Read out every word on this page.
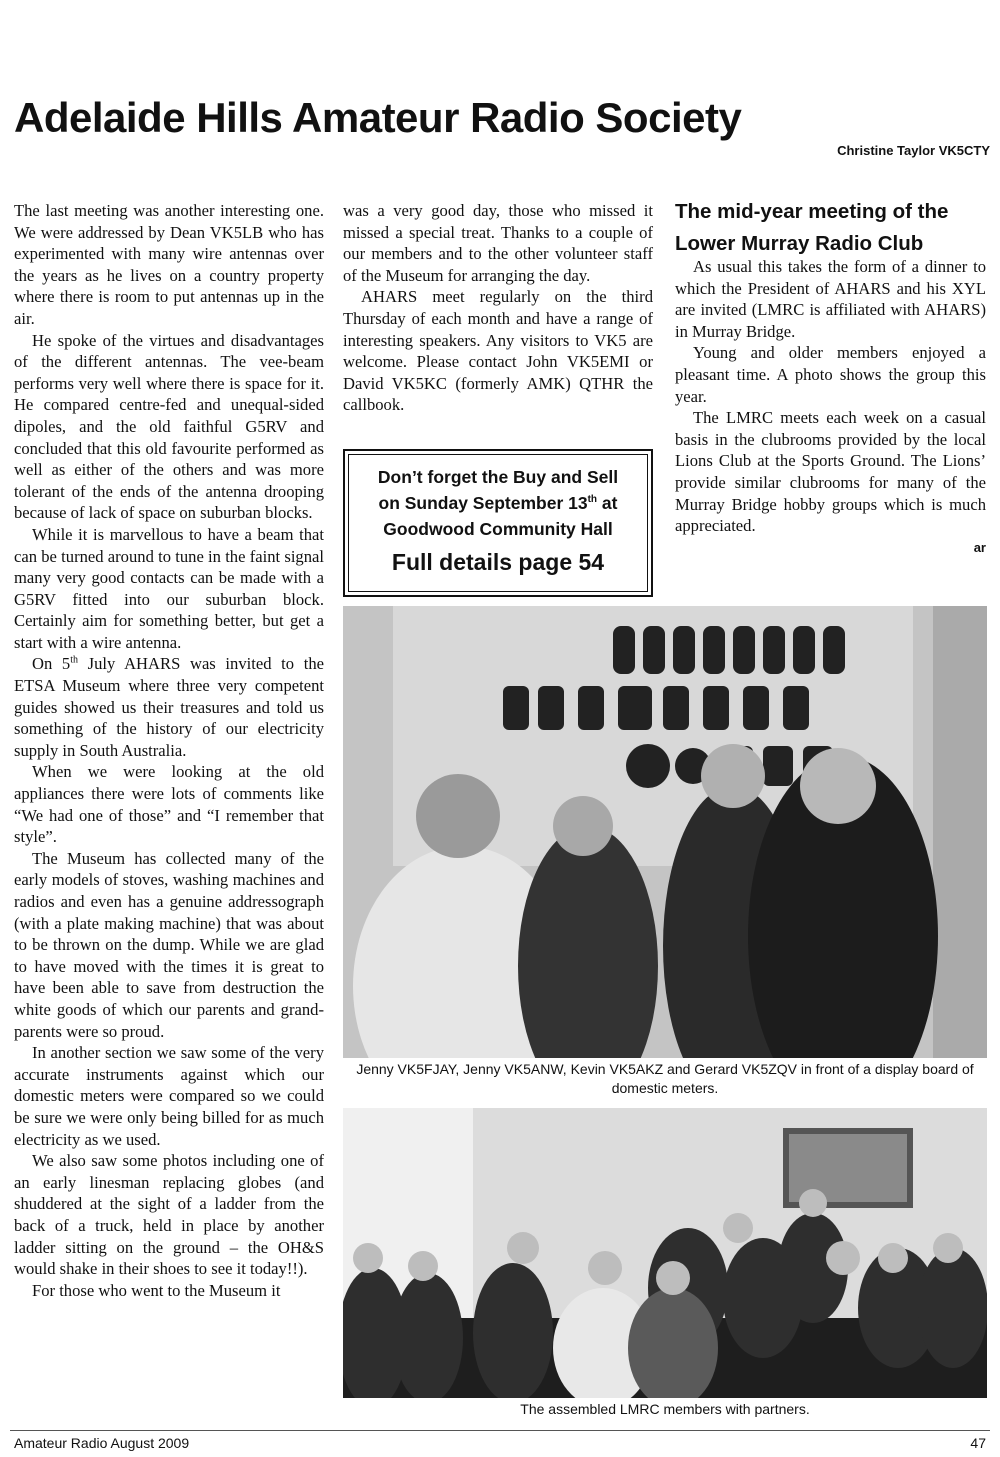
Adelaide Hills Amateur Radio Society
Christine Taylor VK5CTY

The last meeting was another interesting one. We were addressed by Dean VK5LB who has experimented with many wire antennas over the years as he lives on a country property where there is room to put antennas up in the air.

He spoke of the virtues and disadvantages of the different antennas. The vee-beam performs very well where there is space for it. He compared centre-fed and unequal-sided dipoles, and the old faithful G5RV and concluded that this old favourite performed as well as either of the others and was more tolerant of the ends of the antenna drooping because of lack of space on suburban blocks.

While it is marvellous to have a beam that can be turned around to tune in the faint signal many very good contacts can be made with a G5RV fitted into our suburban block. Certainly aim for something better, but get a start with a wire antenna.

On 5th July AHARS was invited to the ETSA Museum where three very competent guides showed us their treasures and told us something of the history of our electricity supply in South Australia.

When we were looking at the old appliances there were lots of comments like “We had one of those” and “I remember that style”.

The Museum has collected many of the early models of stoves, washing machines and radios and even has a genuine addressograph (with a plate making machine) that was about to be thrown on the dump. While we are glad to have moved with the times it is great to have been able to save from destruction the white goods of which our parents and grand-parents were so proud.

In another section we saw some of the very accurate instruments against which our domestic meters were compared so we could be sure we were only being billed for as much electricity as we used.

We also saw some photos including one of an early linesman replacing globes (and shuddered at the sight of a ladder from the back of a truck, held in place by another ladder sitting on the ground – the OH&S would shake in their shoes to see it today!!).

For those who went to the Museum it

was a very good day, those who missed it missed a special treat. Thanks to a couple of our members and to the other volunteer staff of the Museum for arranging the day.

AHARS meet regularly on the third Thursday of each month and have a range of interesting speakers. Any visitors to VK5 are welcome. Please contact John VK5EMI or David VK5KC (formerly AMK) QTHR the callbook.

Don’t forget the Buy and Sell
on Sunday September 13th at
Goodwood Community Hall
Full details page 54
The mid-year meeting of the Lower Murray Radio Club

As usual this takes the form of a dinner to which the President of AHARS and his XYL are invited (LMRC is affiliated with AHARS) in Murray Bridge.

Young and older members enjoyed a pleasant time. A photo shows the group this year.

The LMRC meets each week on a casual basis in the clubrooms provided by the local Lions Club at the Sports Ground. The Lions’ provide similar clubrooms for many of the Murray Bridge hobby groups which is much appreciated.

ar

Jenny VK5FJAY, Jenny VK5ANW, Kevin VK5AKZ and Gerard VK5ZQV in front of a display board of domestic meters.
The assembled LMRC members with partners.
Amateur Radio August 2009	47
